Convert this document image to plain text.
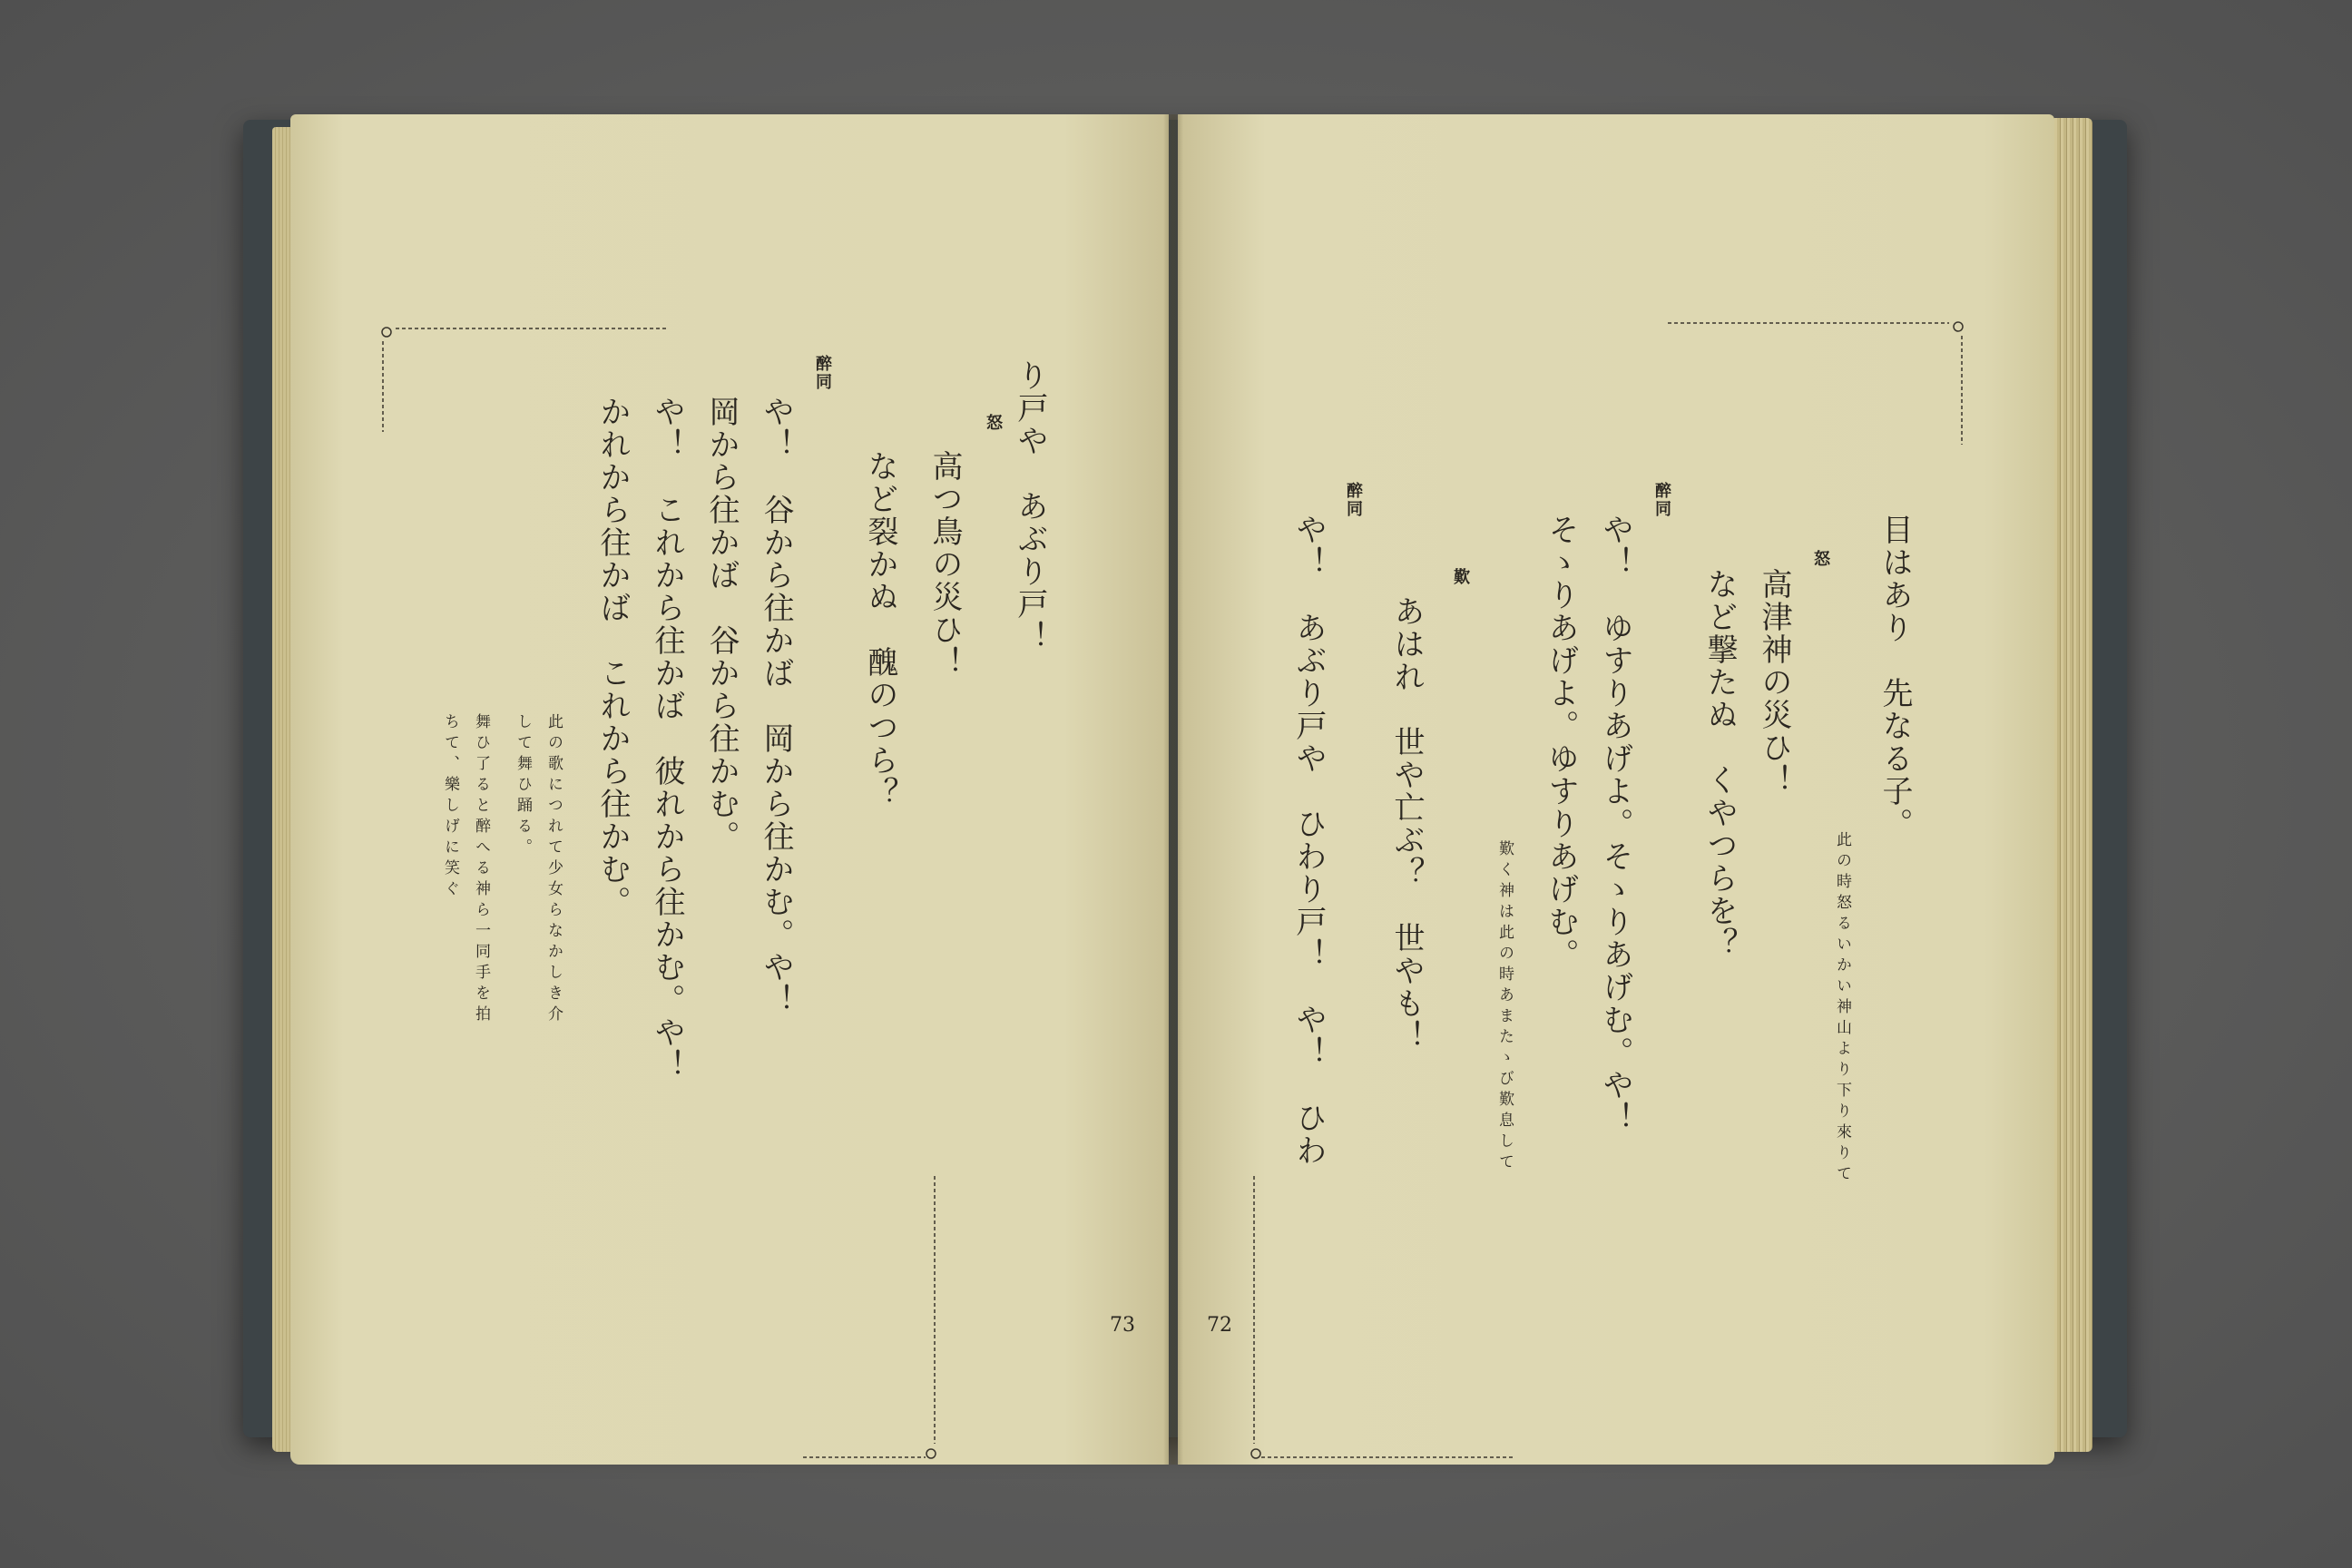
り戸や　あぶり戸！
怒
高つ鳥の災ひ！
など裂かぬ　醜のつら？
醉同
や！　谷から往かば　岡から往かむ。や！
岡から往かば　谷から往かむ。
や！　これから往かば　彼れから往かむ。や！
かれから往かば　これから往かむ。
此の歌につれて少女らなかしき介
して舞ひ踊る。
舞ひ了ると醉へる神ら一同手を拍
ちて、樂しげに笑ぐ
73
目はあり　先なる子。
此の時怒るいかい神山より下り來りて
怒
高津神の災ひ！
など撃たぬ　くやつらを？
醉同
や！　ゆすりあげよ。そゝりあげむ。や！
そゝりあげよ。ゆすりあげむ。
歎く神は此の時あまたゝび歎息して
歎
あはれ　世や亡ぶ？　世やも！
醉同
や！　あぶり戸や　ひわり戸！　や！　ひわ
72
